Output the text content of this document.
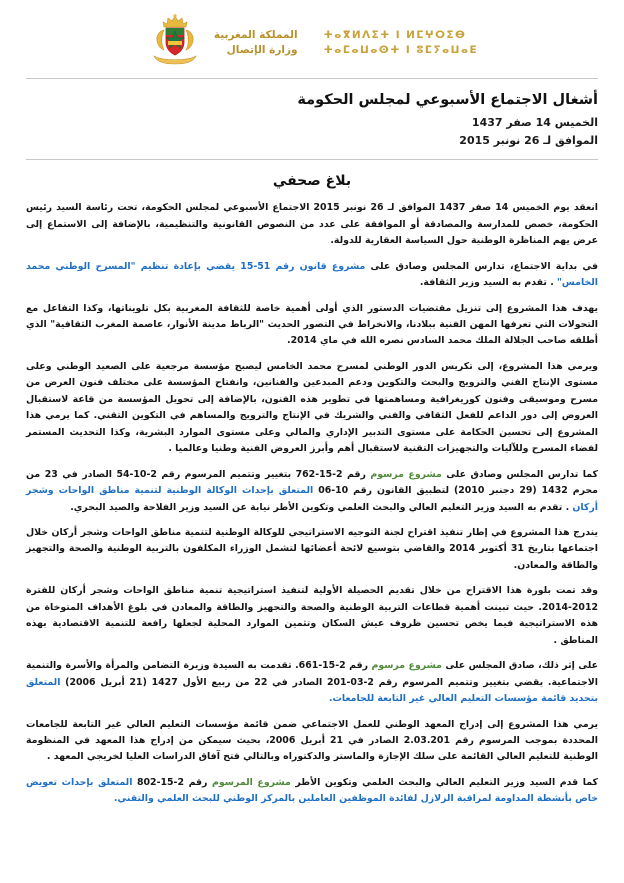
المملكة المغربية
وزارة الإتصال
ⵜⴰⴳⵍⴷⵉⵜ ⵏ ⵍⵎⵖⵔⵉⴱ
ⵜⴰⵎⴰⵡⴰⵙⵜ ⵏ ⵓⵎⵢⴰⵡⴰⴹ
أشغال الاجتماع الأسبوعي لمجلس الحكومة
الخميس 14 صفر 1437
الموافق لـ 26 نونبر 2015
بلاغ صحفي

انعقد يوم الخميس 14 صفر 1437 الموافق لـ 26 نونبر 2015 الاجتماع الأسبوعي لمجلس الحكومة، تحت رئاسة السيد رئيس الحكومة، خصص للمدارسة والمصادقة أو الموافقة على عدد من النصوص القانونية والتنظيمية، بالإضافة إلى الاستماع إلى عرض يهم المناظرة الوطنية حول السياسة العقارية للدولة.

في بداية الاجتماع، تدارس المجلس وصادق على مشروع قانون رقم 51-15 يقضي بإعادة تنظيم "المسرح الوطني محمد الخامس" . تقدم به السيد وزير الثقافة.

يهدف هذا المشروع إلى تنزيل مقتضيات الدستور الذي أولى أهمية خاصة للثقافة المغربية بكل تلويناتها، وكذا التفاعل مع التحولات التي تعرفها المهن الفنية ببلادنا، والانخراط في التصور الحديث "الرباط مدينة الأنوار، عاصمة المغرب الثقافية" الذي أطلقه صاحب الجلالة الملك محمد السادس نصره الله في ماي 2014.

ويرمي هذا المشروع، إلى تكريس الدور الوطني لمسرح محمد الخامس ليصبح مؤسسة مرجعية على الصعيد الوطني وعلى مستوى الإنتاج الفني والترويج والبحث والتكوين ودعم المبدعين والفنانين، وانفتاح المؤسسة على مختلف فنون العرض من مسرح وموسيقى وفنون كوريغرافية ومساهمتها في تطوير هذه الفنون، بالإضافة إلى تحويل المؤسسة من قاعة لاستقبال العروض إلى دور الداعم للفعل الثقافي والفني والشريك في الإنتاج والترويج والمساهم في التكوين التقني. كما يرمي هذا المشروع إلى تحسين الحكامة على مستوى التدبير الإداري والمالي وعلى مستوى الموارد البشرية، وكذا التحديث المستمر لفضاء المسرح وللآليات والتجهيزات التقنية لاستقبال أهم وأبرز العروض الفنية وطنيا وعالميا .

كما تدارس المجلس وصادق على مشروع مرسوم رقم 2-15-762 بتغيير وتتميم المرسوم رقم 2-10-54 الصادر في 23 من محرم 1432 (29 دجنبر 2010) لتطبيق القانون رقم 10-06 المتعلق بإحداث الوكالة الوطنية لتنمية مناطق الواحات وشجر أركان . تقدم به السيد وزير التعليم العالي والبحث العلمي وتكوين الأطر نيابة عن السيد وزير الفلاحة والصيد البحري.

يندرج هذا المشروع في إطار تنفيذ اقتراح لجنة التوجيه الاستراتيجي للوكالة الوطنية لتنمية مناطق الواحات وشجر أركان خلال اجتماعها بتاريخ 31 أكتوبر 2014 والقاضي بتوسيع لائحة أعضائها لتشمل الوزراء المكلفون بالتربية الوطنية والصحة والتجهيز والطاقة والمعادن.

وقد تمت بلورة هذا الاقتراح من خلال تقديم الحصيلة الأولية لتنفيذ استراتيجية تنمية مناطق الواحات وشجر أركان للفترة 2012-2014. حيث تبينت أهمية قطاعات التربية الوطنية والصحة والتجهيز والطاقة والمعادن في بلوغ الأهداف المتوخاة من هذه الاستراتيجية فيما يخص تحسين ظروف عيش السكان وتثمين الموارد المحلية لجعلها رافعة للتنمية الاقتصادية بهذه المناطق .

على إثر ذلك، صادق المجلس على مشروع مرسوم رقم 2-15-661. تقدمت به السيدة وزيرة التضامن والمرأة والأسرة والتنمية الاجتماعية. يقضي بتغيير وتتميم المرسوم رقم 2-03-201 الصادر في 22 من ربيع الأول 1427 (21 أبريل 2006) المتعلق بتحديد قائمة مؤسسات التعليم العالي غير التابعة للجامعات.

يرمي هذا المشروع إلى إدراج المعهد الوطني للعمل الاجتماعي ضمن قائمة مؤسسات التعليم العالي غير التابعة للجامعات المحددة بموجب المرسوم رقم 2.03.201 الصادر في 21 أبريل 2006، بحيث سيمكن من إدراج هذا المعهد في المنظومة الوطنية للتعليم العالي القائمة على سلك الإجازة والماستر والدكتوراه وبالتالي فتح آفاق الدراسات العليا لخريجي المعهد .

كما قدم السيد وزير التعليم العالي والبحث العلمي وتكوين الأطر مشروع المرسوم رقم 2-15-802 المتعلق بإحداث تعويض خاص بأنشطة المداومة لمراقبة الزلازل لفائدة الموظفين العاملين بالمركز الوطني للبحث العلمي والتقني.
